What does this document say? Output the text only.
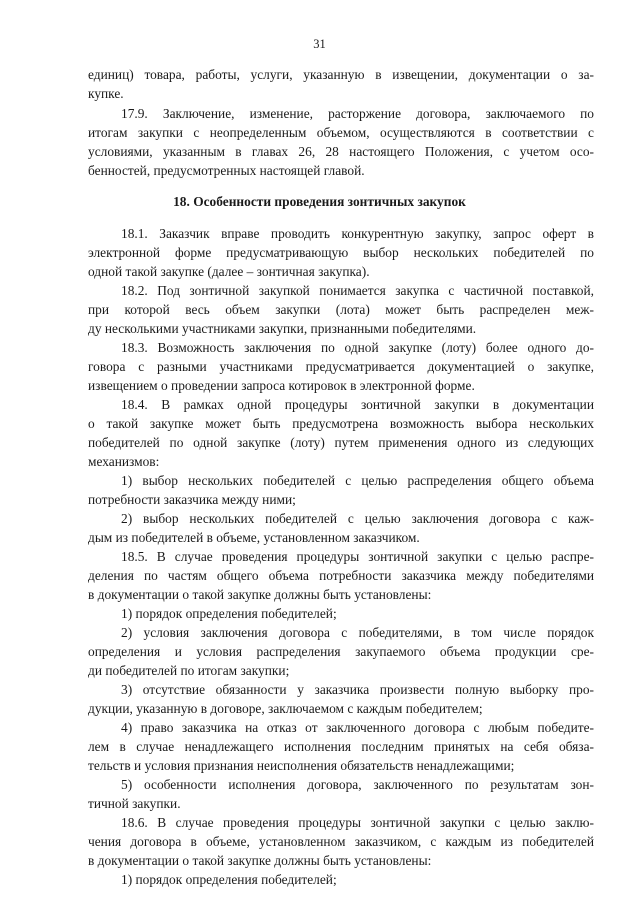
31
единиц) товара, работы, услуги, указанную в извещении, документации о за-
купке.
17.9. Заключение, изменение, расторжение договора, заключаемого по
итогам закупки с неопределенным объемом, осуществляются в соответствии с
условиями, указанным в главах 26, 28 настоящего Положения, с учетом осо-
бенностей, предусмотренных настоящей главой.
18. Особенности проведения зонтичных закупок
18.1. Заказчик вправе проводить конкурентную закупку, запрос оферт в
электронной форме предусматривающую выбор нескольких победителей по
одной такой закупке (далее – зонтичная закупка).
18.2. Под зонтичной закупкой понимается закупка с частичной поставкой,
при которой весь объем закупки (лота) может быть распределен меж-
ду несколькими участниками закупки, признанными победителями.
18.3. Возможность заключения по одной закупке (лоту) более одного до-
говора с разными участниками предусматривается документацией о закупке,
извещением о проведении запроса котировок в электронной форме.
18.4. В рамках одной процедуры зонтичной закупки в документации
о такой закупке может быть предусмотрена возможность выбора нескольких
победителей по одной закупке (лоту) путем применения одного из следующих
механизмов:
1) выбор нескольких победителей с целью распределения общего объема
потребности заказчика между ними;
2) выбор нескольких победителей с целью заключения договора с каж-
дым из победителей в объеме, установленном заказчиком.
18.5. В случае проведения процедуры зонтичной закупки с целью распре-
деления по частям общего объема потребности заказчика между победителями
в документации о такой закупке должны быть установлены:
1) порядок определения победителей;
2) условия заключения договора с победителями, в том числе порядок
определения и условия распределения закупаемого объема продукции сре-
ди победителей по итогам закупки;
3) отсутствие обязанности у заказчика произвести полную выборку про-
дукции, указанную в договоре, заключаемом с каждым победителем;
4) право заказчика на отказ от заключенного договора с любым победите-
лем в случае ненадлежащего исполнения последним принятых на себя обяза-
тельств и условия признания неисполнения обязательств ненадлежащими;
5) особенности исполнения договора, заключенного по результатам зон-
тичной закупки.
18.6. В случае проведения процедуры зонтичной закупки с целью заклю-
чения договора в объеме, установленном заказчиком, с каждым из победителей
в документации о такой закупке должны быть установлены:
1) порядок определения победителей;
